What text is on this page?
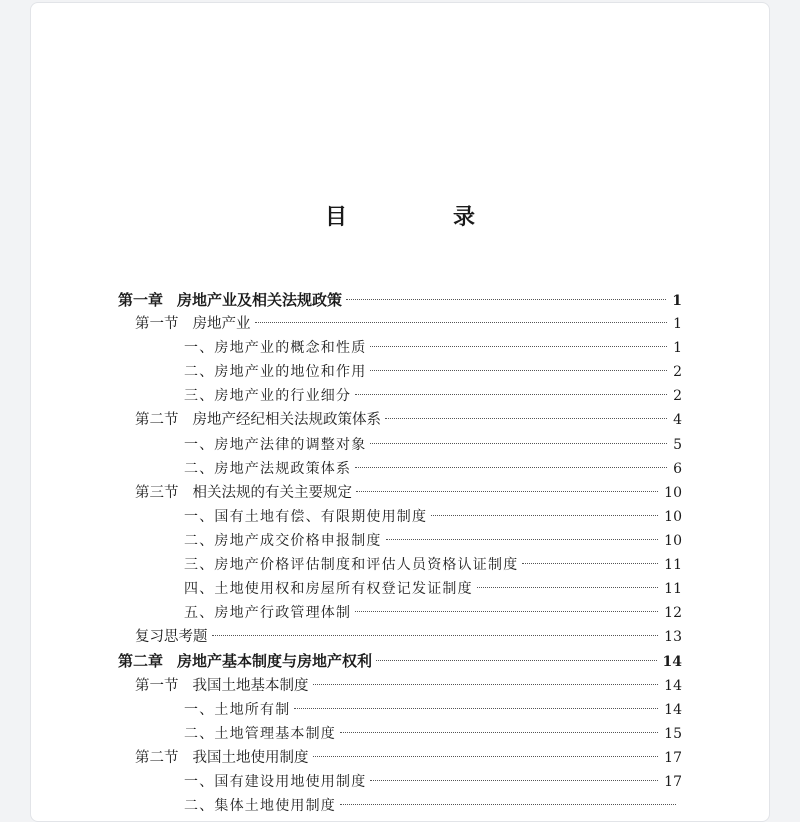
目　录
第一章 房地产业及相关法规政策	1
第一节 房地产业	1
一、房地产业的概念和性质	1
二、房地产业的地位和作用	2
三、房地产业的行业细分	2
第二节 房地产经纪相关法规政策体系	4
一、房地产法律的调整对象	5
二、房地产法规政策体系	6
第三节 相关法规的有关主要规定	10
一、国有土地有偿、有限期使用制度	10
二、房地产成交价格申报制度	10
三、房地产价格评估制度和评估人员资格认证制度	11
四、土地使用权和房屋所有权登记发证制度	11
五、房地产行政管理体制	12
复习思考题	13
第二章 房地产基本制度与房地产权利	14
第一节 我国土地基本制度	14
一、土地所有制	14
二、土地管理基本制度	15
第二节 我国土地使用制度	17
一、国有建设用地使用制度	17
二、集体土地使用制度
